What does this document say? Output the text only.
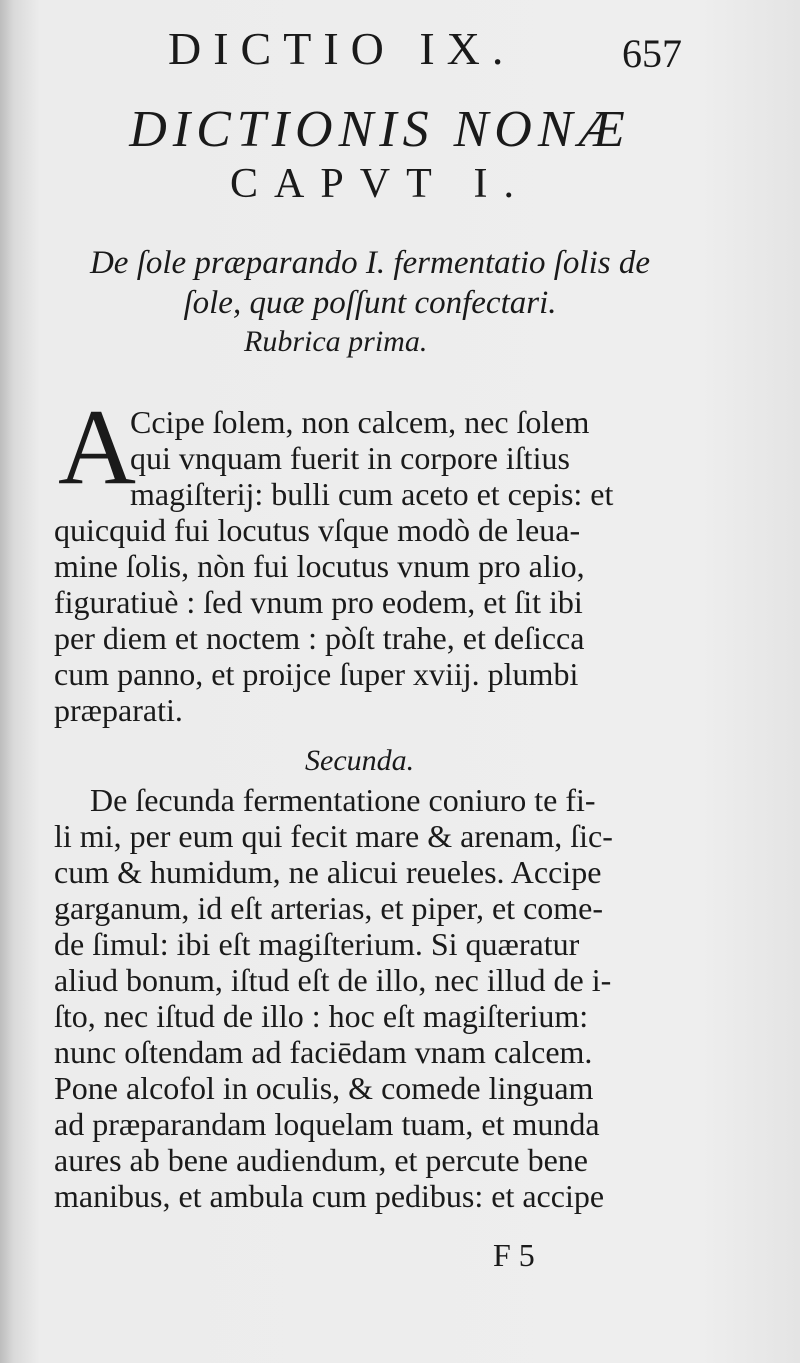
DICTIO IX.	657
DICTIONIS NONÆ
CAPVT I.
De ſole præparando I. fermentatio ſolis de
ſole, quæ poſſunt confectari.
Rubrica prima.
A
Ccipe ſolem, non calcem, nec ſolem
qui vnquam fuerit in corpore iſtius
magiſterij: bulli cum aceto et cepis: et
quicquid fui locutus vſque modò de leua-
mine ſolis, nòn fui locutus vnum pro alio,
figuratiuè : ſed vnum pro eodem, et ſit ibi
per diem et noctem : pòſt trahe, et deſicca
cum panno, et proijce ſuper xviij. plumbi
præparati.
Secunda.
De ſecunda fermentatione coniuro te fi-
li mi, per eum qui fecit mare & arenam, ſic-
cum & humidum, ne alicui reueles. Accipe
garganum, id eſt arterias, et piper, et come-
de ſimul: ibi eſt magiſterium. Si quæratur
aliud bonum, iſtud eſt de illo, nec illud de i-
ſto, nec iſtud de illo : hoc eſt magiſterium:
nunc oſtendam ad faciēdam vnam calcem.
Pone alcofol in oculis, & comede linguam
ad præparandam loquelam tuam, et munda
aures ab bene audiendum, et percute bene
manibus, et ambula cum pedibus: et accipe
F 5
